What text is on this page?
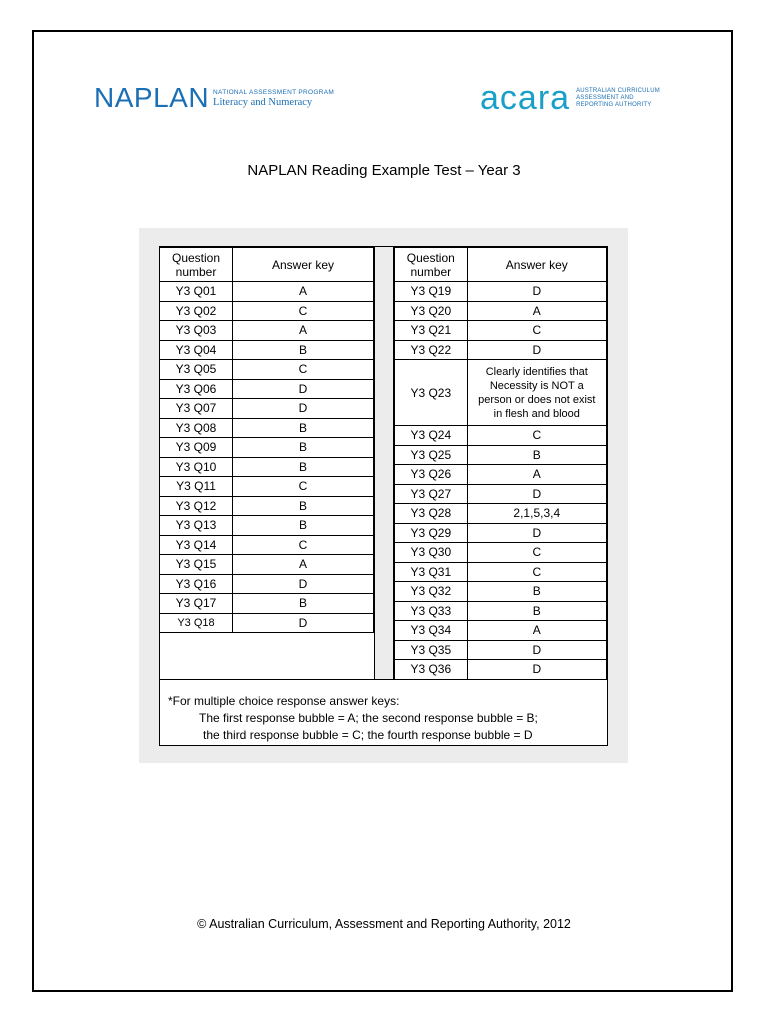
NAPLAN NATIONAL ASSESSMENT PROGRAM
Literacy and Numeracy	acara AUSTRALIAN CURRICULUM
ASSESSMENT AND
REPORTING AUTHORITY
NAPLAN Reading Example Test – Year 3
Question
number	Answer key
Y3 Q01	A
Y3 Q02	C
Y3 Q03	A
Y3 Q04	B
Y3 Q05	C
Y3 Q06	D
Y3 Q07	D
Y3 Q08	B
Y3 Q09	B
Y3 Q10	B
Y3 Q11	C
Y3 Q12	B
Y3 Q13	B
Y3 Q14	C
Y3 Q15	A
Y3 Q16	D
Y3 Q17	B
Y3 Q18	D
Question
number	Answer key
Y3 Q19	D
Y3 Q20	A
Y3 Q21	C
Y3 Q22	D
Y3 Q23	Clearly identifies that
Necessity is NOT a
person or does not exist
in flesh and blood

Y3 Q24	C
Y3 Q25	B
Y3 Q26	A
Y3 Q27	D
Y3 Q28	2,1,5,3,4
Y3 Q29	D
Y3 Q30	C
Y3 Q31	C
Y3 Q32	B
Y3 Q33	B
Y3 Q34	A
Y3 Q35	D
Y3 Q36	D
*For multiple choice response answer keys:
The first response bubble = A; the second response bubble = B;
the third response bubble = C; the fourth response bubble = D
© Australian Curriculum, Assessment and Reporting Authority, 2012
